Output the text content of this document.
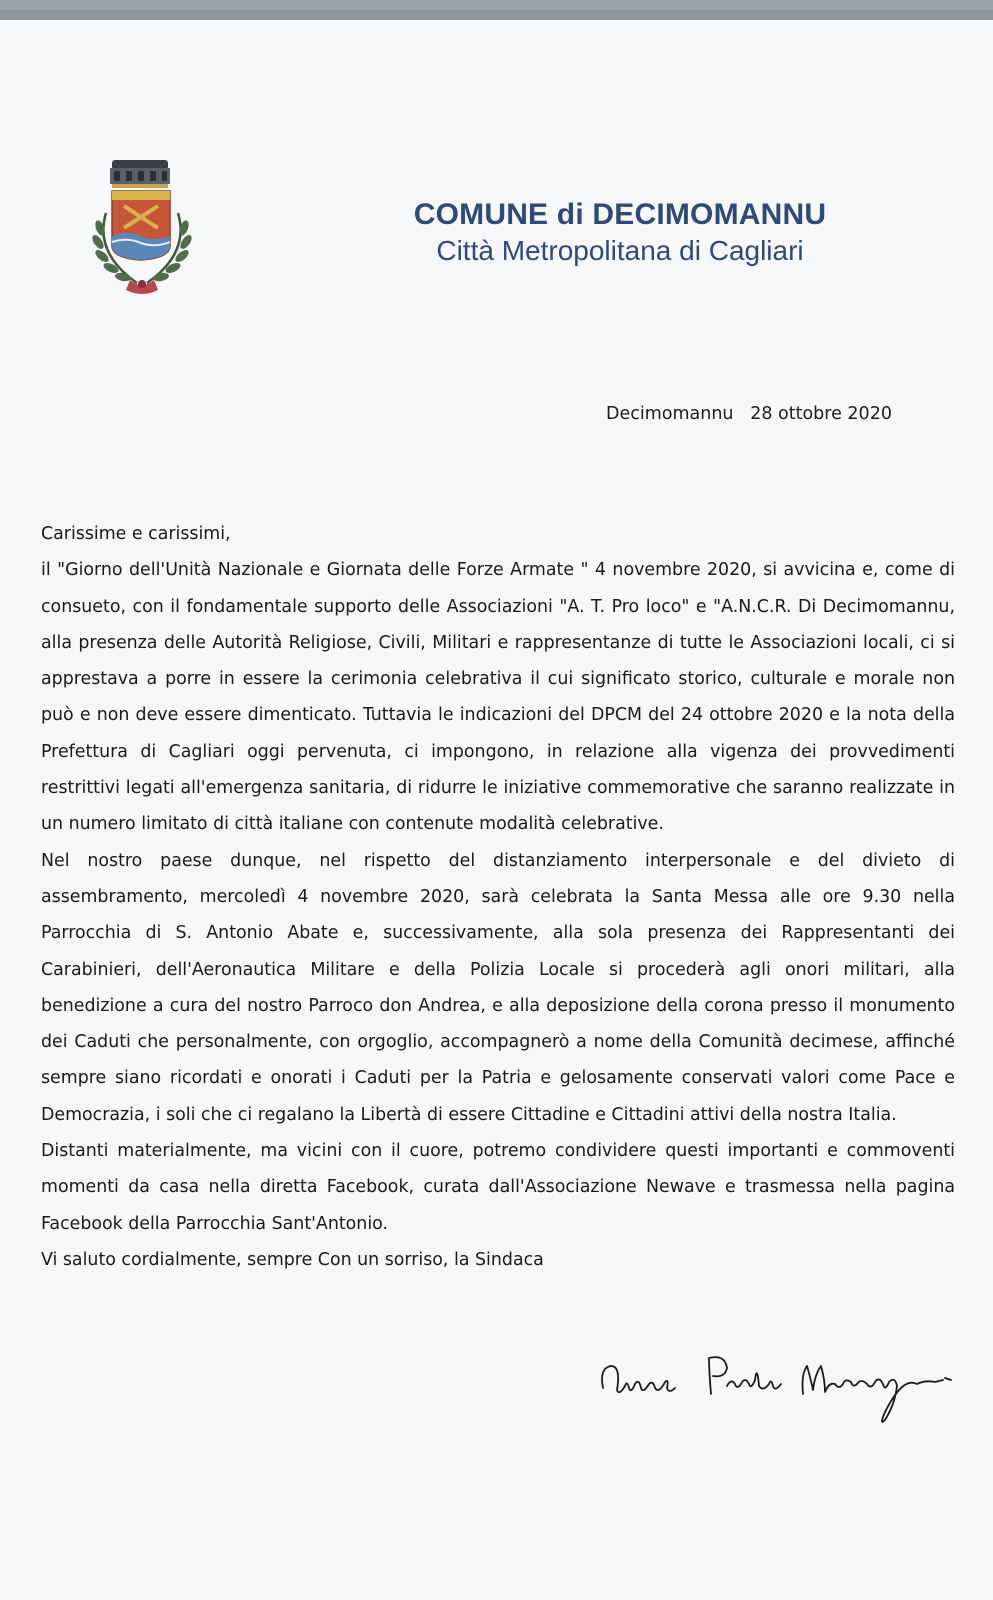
COMUNE di DECIMOMANNU
Città Metropolitana di Cagliari
Decimomannu   28 ottobre 2020

Carissime e carissimi,

il "Giorno dell'Unità Nazionale e Giornata delle Forze Armate " 4 novembre 2020, si avvicina e, come di consueto, con il fondamentale supporto delle Associazioni "A. T. Pro loco" e "A.N.C.R. Di Decimomannu, alla presenza delle Autorità Religiose, Civili, Militari e rappresentanze di tutte le Associazioni locali, ci si apprestava a porre in essere la cerimonia celebrativa il cui significato storico, culturale e morale non può e non deve essere dimenticato. Tuttavia le indicazioni del DPCM del 24 ottobre 2020 e la nota della Prefettura di Cagliari oggi pervenuta, ci impongono, in relazione alla vigenza dei provvedimenti restrittivi legati all'emergenza sanitaria, di ridurre le iniziative commemorative che saranno realizzate in un numero limitato di città italiane con contenute modalità celebrative.

Nel nostro paese dunque, nel rispetto del distanziamento interpersonale e del divieto di assembramento, mercoledì 4 novembre 2020, sarà celebrata la Santa Messa alle ore 9.30 nella Parrocchia di S. Antonio Abate e, successivamente, alla sola presenza dei Rappresentanti dei Carabinieri, dell'Aeronautica Militare e della Polizia Locale si procederà agli onori militari, alla benedizione a cura del nostro Parroco don Andrea, e alla deposizione della corona presso il monumento dei Caduti che personalmente, con orgoglio, accompagnerò a nome della Comunità decimese, affinché sempre siano ricordati e onorati i Caduti per la Patria e gelosamente conservati valori come Pace e Democrazia, i soli che ci regalano la Libertà di essere Cittadine e Cittadini attivi della nostra Italia.

Distanti materialmente, ma vicini con il cuore, potremo condividere questi importanti e commoventi momenti da casa nella diretta Facebook, curata dall'Associazione Newave e trasmessa nella pagina Facebook della Parrocchia Sant'Antonio.

Vi saluto cordialmente, sempre Con un sorriso, la Sindaca
